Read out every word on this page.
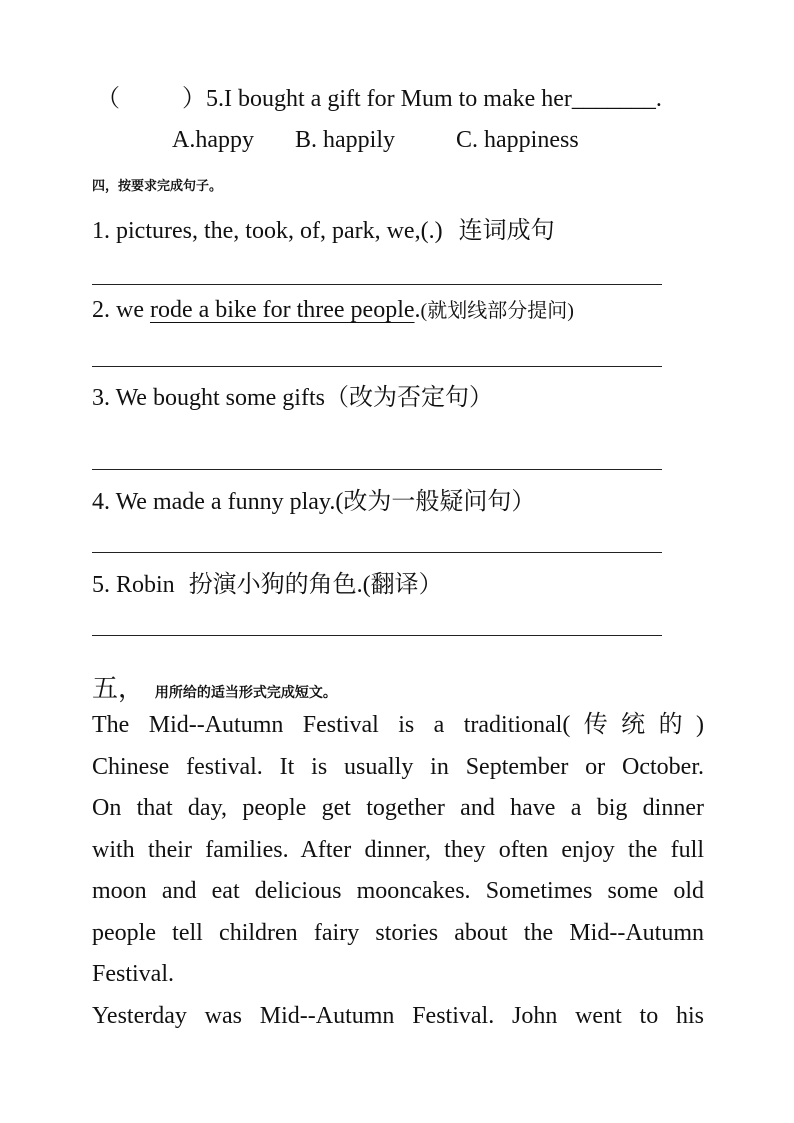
（	）5.I bought a gift for Mum to make her_______.
A.happy B. happily	C. happiness
四，按要求完成句子。
1. pictures, the, took, of, park, we,(.) 连词成句
2. we rode a bike for three people.(就划线部分提问)
3. We bought some gifts（改为否定句）
4. We made a funny play.(改为一般疑问句）
5. Robin 扮演小狗的角色.(翻译）
五， 用所给的适当形式完成短文。

The Mid--Autumn Festival is a traditional(传统的)

Chinese festival. It is usually in September or October.

On that day, people get together and have a big dinner

with their families. After dinner, they often enjoy the full

moon and eat delicious mooncakes. Sometimes some old

people tell children fairy stories about the Mid--Autumn

Festival.

Yesterday was Mid--Autumn Festival. John went to his
